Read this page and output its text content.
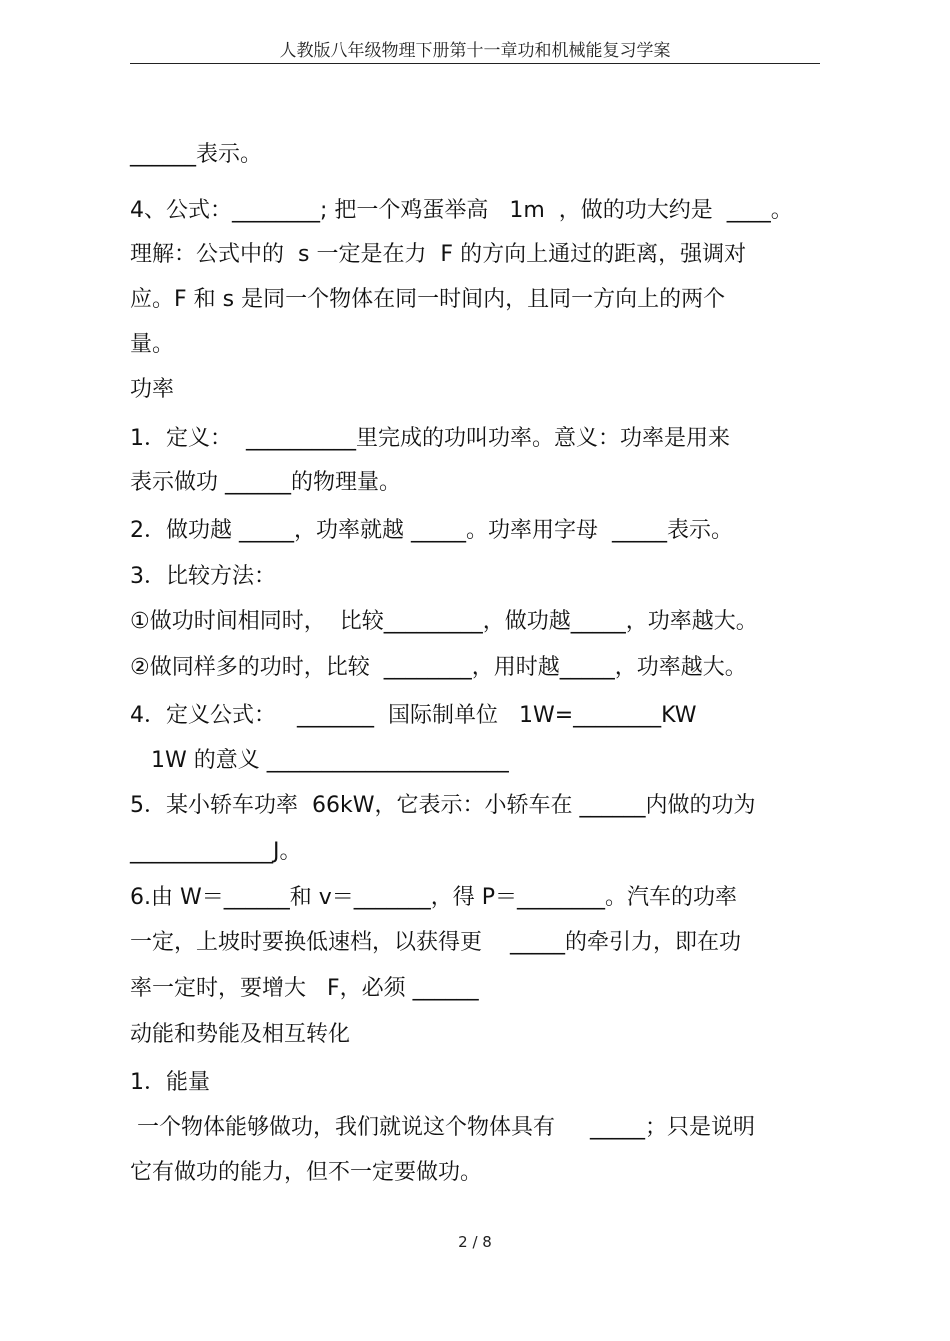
人教版八年级物理下册第十一章功和机械能复习学案
______表示。
4、公式：________; 把一个鸡蛋举高   1m  ，做的功大约是  ____。
理解：公式中的  s 一定是在力  F 的方向上通过的距离，强调对
应。F 和 s 是同一个物体在同一时间内，且同一方向上的两个
量。
功率
1．定义：  __________里完成的功叫功率。意义：功率是用来
表示做功 ______的物理量。
2．做功越 _____，功率就越 _____。功率用字母  _____表示。
3．比较方法：
①做功时间相同时，  比较_________，做功越_____，功率越大。
②做同样多的功时，比较  ________，用时越_____，功率越大。
4．定义公式：   _______  国际制单位   1W=________KW
1W 的意义 ______________________
5．某小轿车功率  66kW，它表示：小轿车在 ______内做的功为
_____________J。
6.由 W＝______和 v＝_______，得 P＝________。汽车的功率
一定，上坡时要换低速档，以获得更    _____的牵引力，即在功
率一定时，要增大   F，必须 ______
动能和势能及相互转化
1．能量
一个物体能够做功，我们就说这个物体具有     _____；只是说明
它有做功的能力，但不一定要做功。
2 / 8
